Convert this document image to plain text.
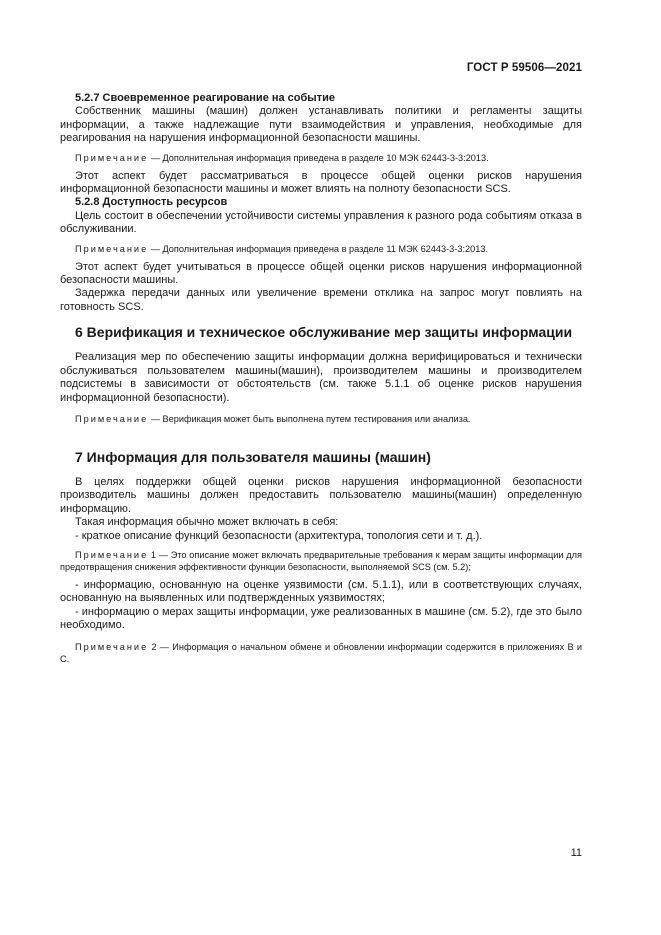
ГОСТ Р 59506—2021

5.2.7 Своевременное реагирование на событие

Собственник машины (машин) должен устанавливать политики и регламенты защиты информации, а также надлежащие пути взаимодействия и управления, необходимые для реагирования на нарушения информационной безопасности машины.

Примечание — Дополнительная информация приведена в разделе 10 МЭК 62443-3-3:2013.

Этот аспект будет рассматриваться в процессе общей оценки рисков нарушения информационной безопасности машины и может влиять на полноту безопасности SCS.

5.2.8 Доступность ресурсов

Цель состоит в обеспечении устойчивости системы управления к разного рода событиям отказа в обслуживании.

Примечание — Дополнительная информация приведена в разделе 11 МЭК 62443-3-3:2013.

Этот аспект будет учитываться в процессе общей оценки рисков нарушения информационной безопасности машины.

Задержка передачи данных или увеличение времени отклика на запрос могут повлиять на готовность SCS.

6 Верификация и техническое обслуживание мер защиты информации

Реализация мер по обеспечению защиты информации должна верифицироваться и технически обслуживаться пользователем машины(машин), производителем машины и производителем подсистемы в зависимости от обстоятельств (см. также 5.1.1 об оценке рисков нарушения информационной безопасности).

Примечание — Верификация может быть выполнена путем тестирования или анализа.

7 Информация для пользователя машины (машин)

В целях поддержки общей оценки рисков нарушения информационной безопасности производитель машины должен предоставить пользователю машины(машин) определенную информацию.

Такая информация обычно может включать в себя:

- краткое описание функций безопасности (архитектура, топология сети и т. д.).

Примечание 1 — Это описание может включать предварительные требования к мерам защиты информации для предотвращения снижения эффективности функции безопасности, выполняемой SCS (см. 5.2);

- информацию, основанную на оценке уязвимости (см. 5.1.1), или в соответствующих случаях, основанную на выявленных или подтвержденных уязвимостях;

- информацию о мерах защиты информации, уже реализованных в машине (см. 5.2), где это было необходимо.

Примечание 2 — Информация о начальном обмене и обновлении информации содержится в приложениях В и С.

11
